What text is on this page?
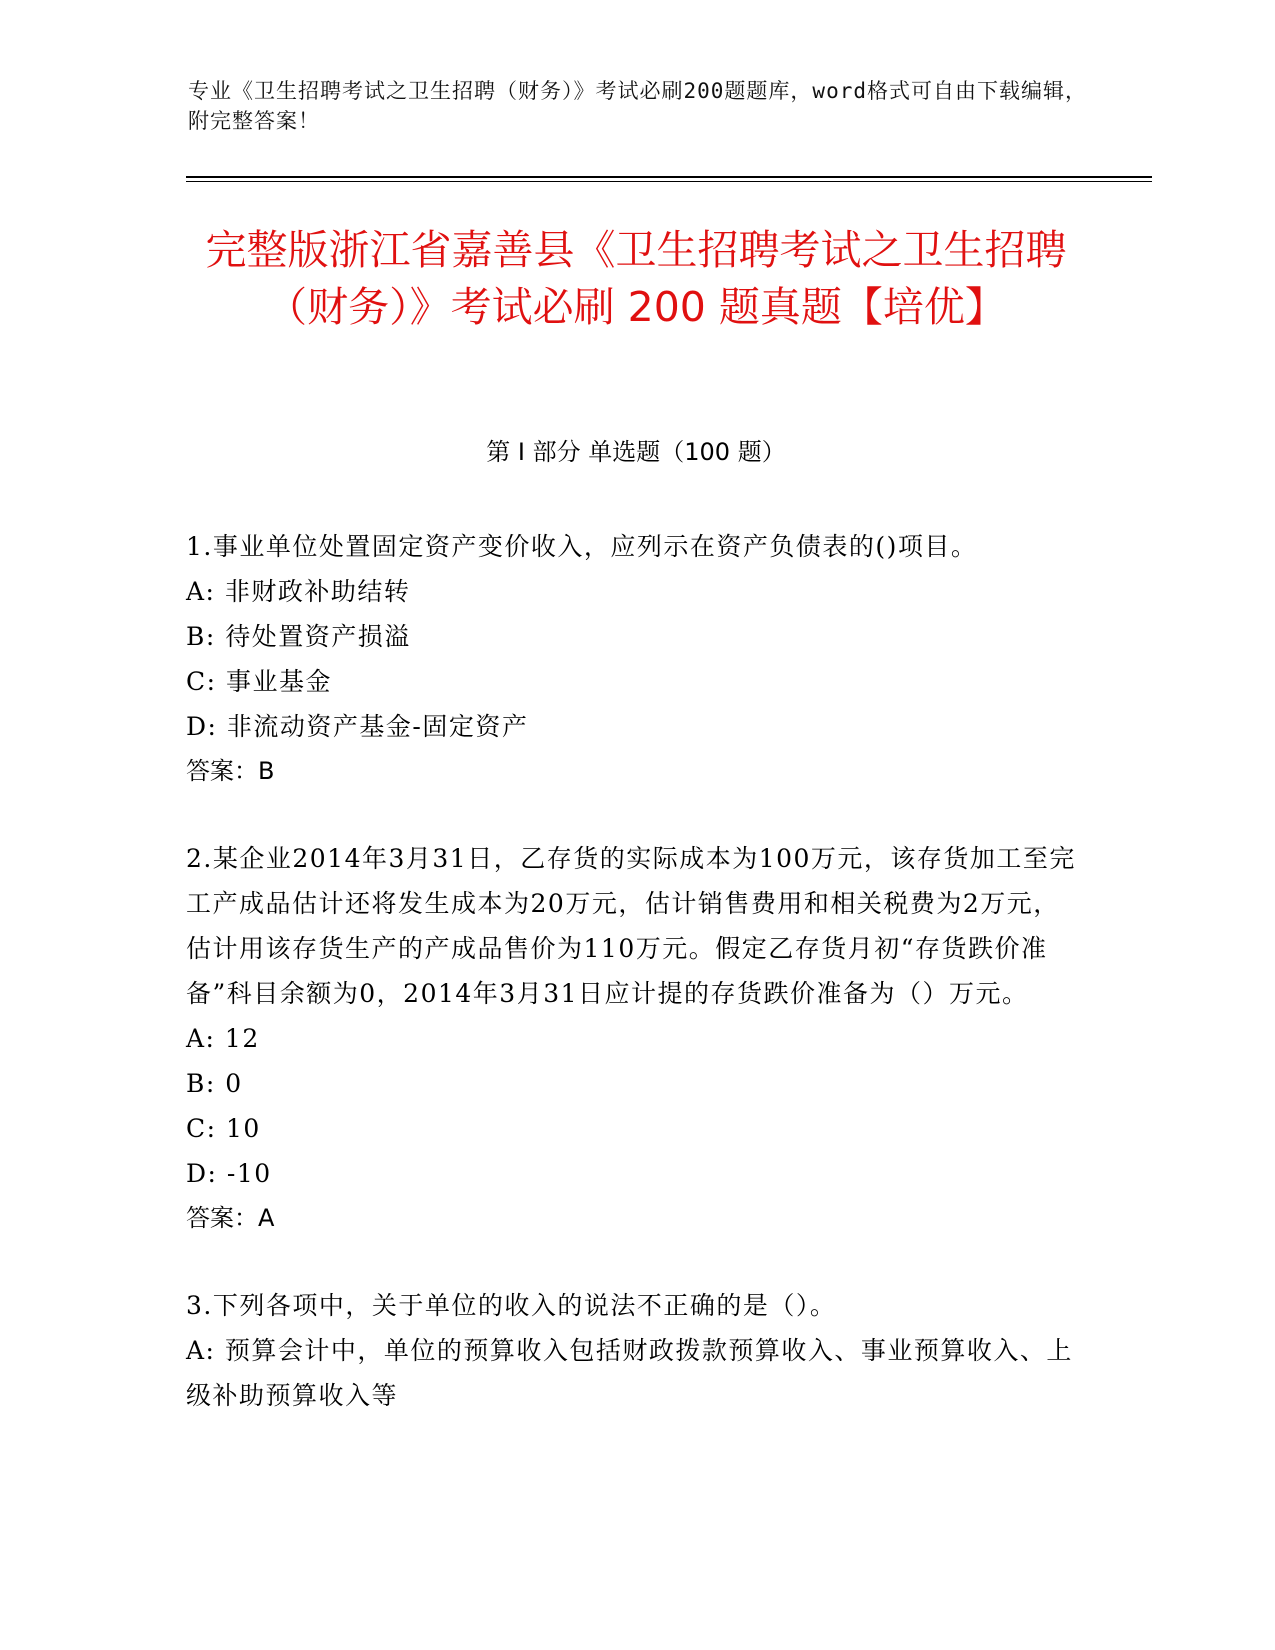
专业《卫生招聘考试之卫生招聘（财务）》考试必刷200题题库，word格式可自由下载编辑，附完整答案！
完整版浙江省嘉善县《卫生招聘考试之卫生招聘（财务）》考试必刷 200 题真题【培优】
第 I 部分 单选题（100 题）

1.事业单位处置固定资产变价收入，应列示在资产负债表的()项目。

A: 非财政补助结转

B: 待处置资产损溢

C: 事业基金

D: 非流动资产基金-固定资产

答案：B

2.某企业2014年3月31日，乙存货的实际成本为100万元，该存货加工至完工产成品估计还将发生成本为20万元，估计销售费用和相关税费为2万元，估计用该存货生产的产成品售价为110万元。假定乙存货月初“存货跌价准备”科目余额为0，2014年3月31日应计提的存货跌价准备为（）万元。

A: 12

B: 0

C: 10

D: -10

答案：A

3.下列各项中，关于单位的收入的说法不正确的是（）。

A: 预算会计中，单位的预算收入包括财政拨款预算收入、事业预算收入、上级补助预算收入等
